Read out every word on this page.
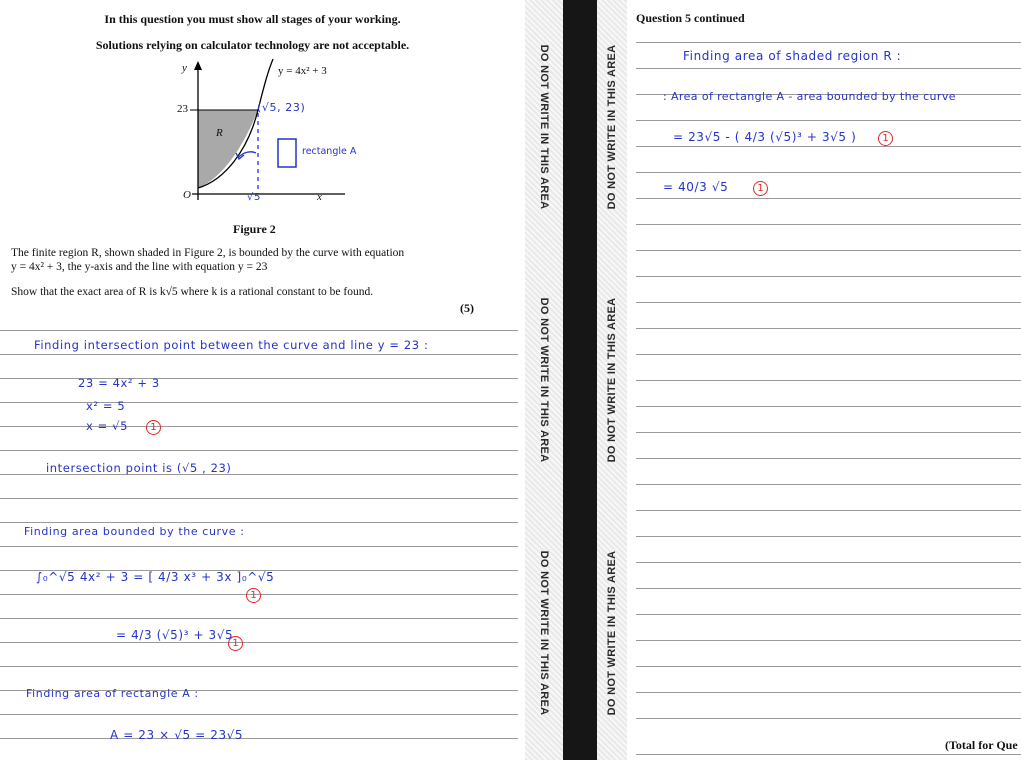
In this question you must show all stages of your working.
Solutions relying on calculator technology are not acceptable.
y	y = 4x² + 3
23
R
(√5, 23)
rectangle A
O	√5	x
Figure 2
The finite region R, shown shaded in Figure 2, is bounded by the curve with equation
y = 4x² + 3, the y-axis and the line with equation y = 23
Show that the exact area of R is k√5 where k is a rational constant to be found.
(5)
Finding intersection point between the curve and line y = 23 :
23 = 4x² + 3
x² = 5
x = √5	1
intersection point is (√5 , 23)
Finding area bounded by the curve :
∫₀^√5 4x² + 3 = [ 4/3 x³ + 3x ]₀^√5
1
= 4/3 (√5)³ + 3√5
1
Finding area of rectangle A :
A = 23 × √5 = 23√5
DO NOT WRITE IN THIS AREA
DO NOT WRITE IN THIS AREA
DO NOT WRITE IN THIS AREA
DO NOT WRITE IN THIS AREA
DO NOT WRITE IN THIS AREA
DO NOT WRITE IN THIS AREA
Question 5 continued
Finding area of shaded region R :
: Area of rectangle A - area bounded by the curve
= 23√5 - ( 4/3 (√5)³ + 3√5 )	1
= 40/3 √5	1
(Total for Que
